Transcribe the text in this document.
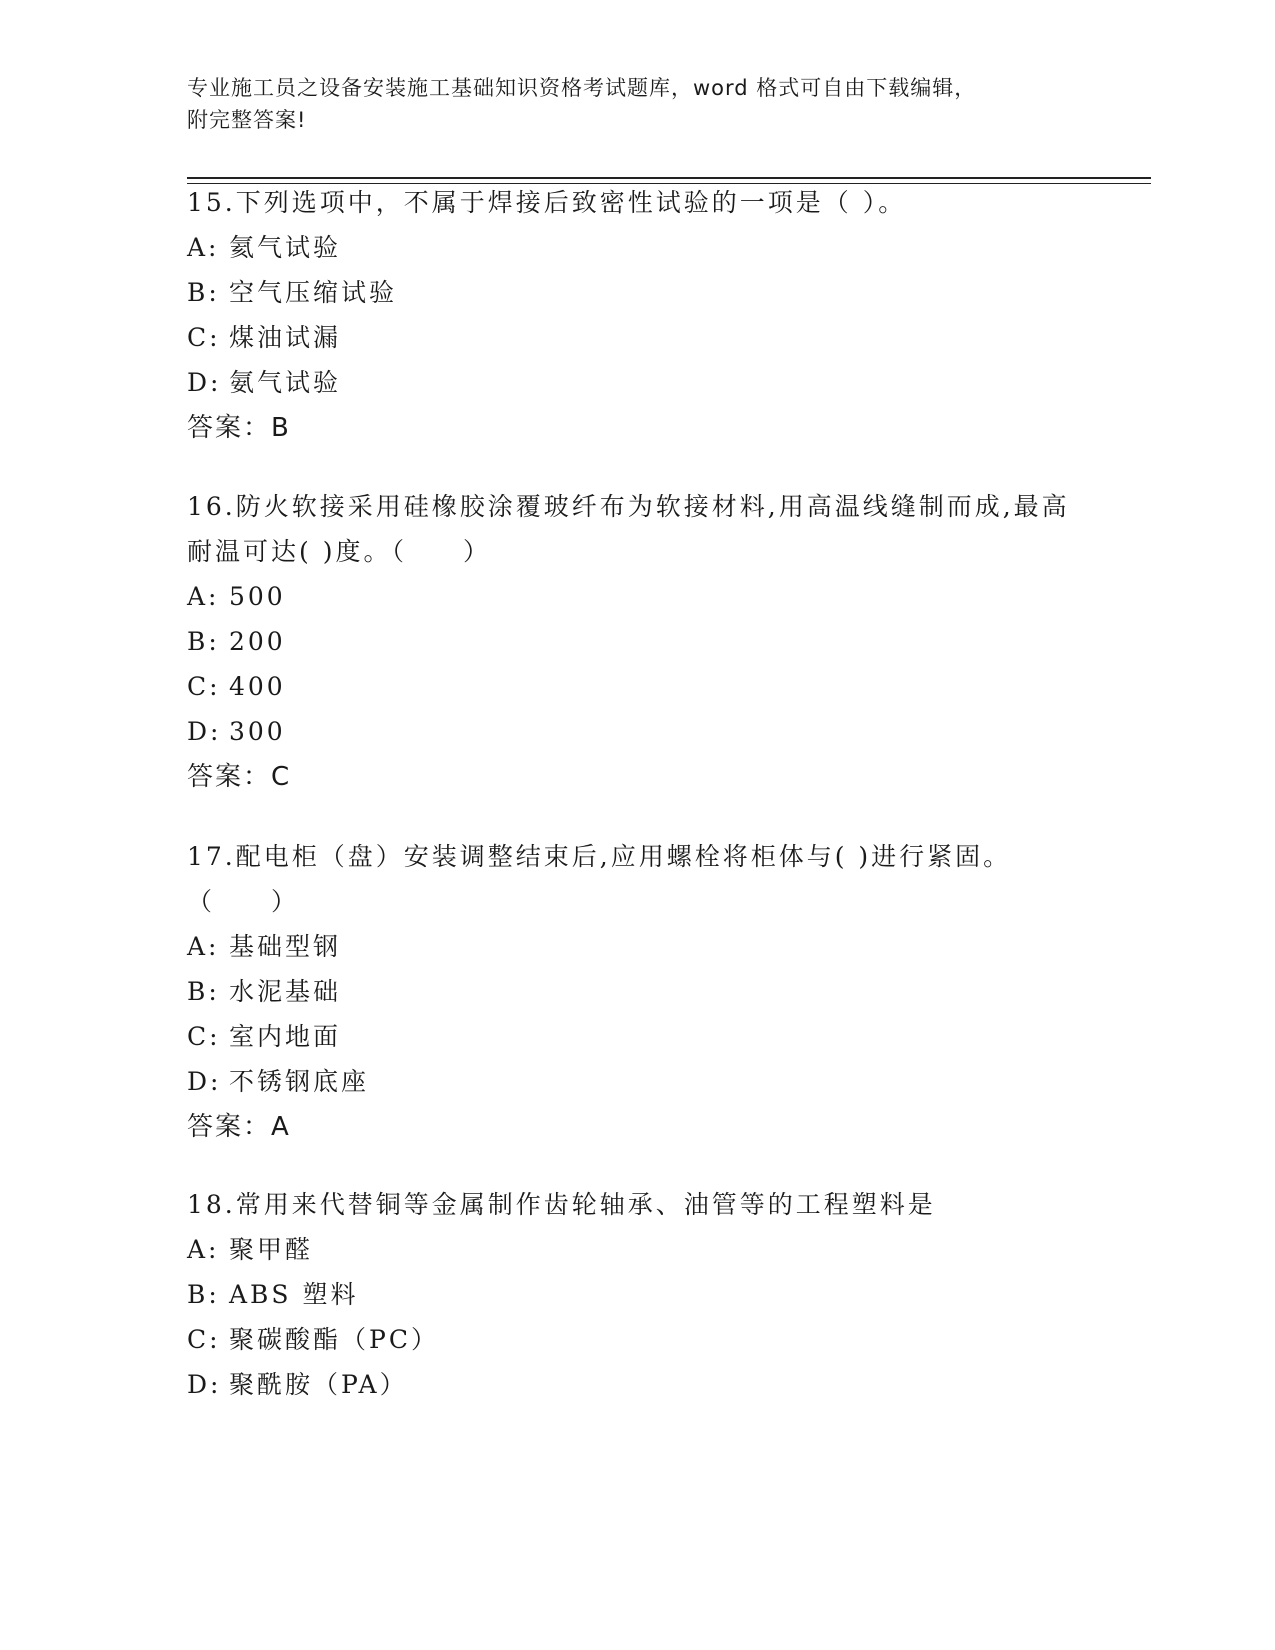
专业施工员之设备安装施工基础知识资格考试题库，word 格式可自由下载编辑，
附完整答案!
15.下列选项中，不属于焊接后致密性试验的一项是（ ）。
A: 氦气试验
B: 空气压缩试验
C: 煤油试漏
D: 氨气试验
答案：B
16.防火软接采用硅橡胶涂覆玻纤布为软接材料,用高温线缝制而成,最高耐温可达( )度。（　　）
A: 500
B: 200
C: 400
D: 300
答案：C
17.配电柜（盘）安装调整结束后,应用螺栓将柜体与( )进行紧固。（　　）
A: 基础型钢
B: 水泥基础
C: 室内地面
D: 不锈钢底座
答案：A
18.常用来代替铜等金属制作齿轮轴承、油管等的工程塑料是
A: 聚甲醛
B: ABS 塑料
C: 聚碳酸酯（PC）
D: 聚酰胺（PA）
